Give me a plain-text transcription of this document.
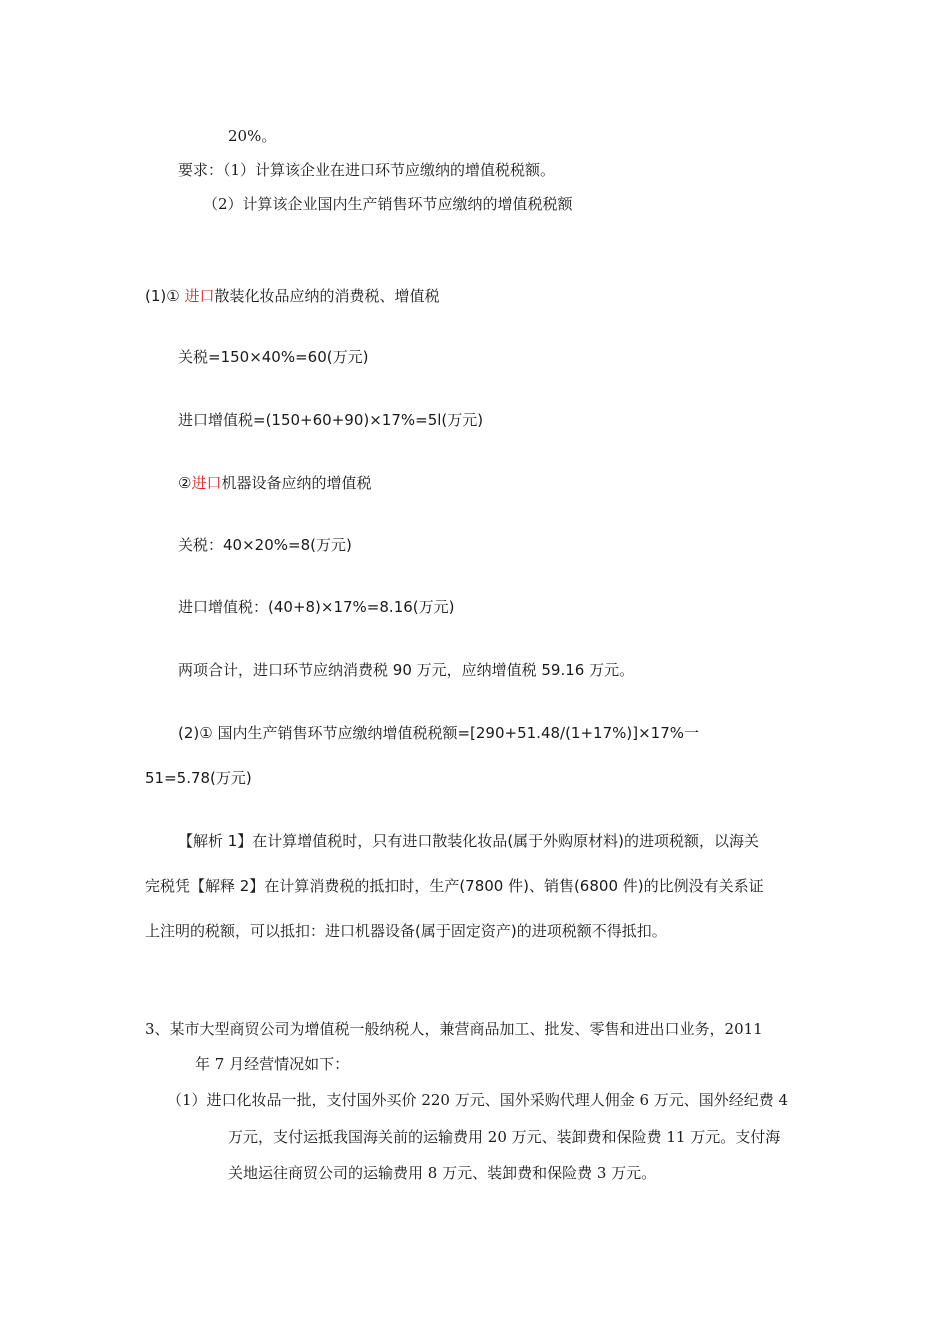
20%。
要求：（1）计算该企业在进口环节应缴纳的增值税税额。
（2）计算该企业国内生产销售环节应缴纳的增值税税额
(1)① 进口散装化妆品应纳的消费税、增值税
关税=150×40%=60(万元)
进口增值税=(150+60+90)×17%=5l(万元)
②进口机器设备应纳的增值税
关税：40×20%=8(万元)
进口增值税：(40+8)×17%=8.16(万元)
两项合计，进口环节应纳消费税 90 万元，应纳增值税 59.16 万元。
(2)① 国内生产销售环节应缴纳增值税税额=[290+51.48/(1+17%)]×17%一
51=5.78(万元)
【解析 1】在计算增值税时，只有进口散装化妆品(属于外购原材料)的进项税额，以海关
完税凭【解释 2】在计算消费税的抵扣时，生产(7800 件)、销售(6800 件)的比例没有关系证
上注明的税额，可以抵扣：进口机器设备(属于固定资产)的进项税额不得抵扣。
3、某市大型商贸公司为增值税一般纳税人，兼营商品加工、批发、零售和进出口业务，2011
年 7 月经营情况如下：
（1）进口化妆品一批，支付国外买价 220 万元、国外采购代理人佣金 6 万元、国外经纪费 4
万元，支付运抵我国海关前的运输费用 20 万元、装卸费和保险费 11 万元。支付海
关地运往商贸公司的运输费用 8 万元、装卸费和保险费 3 万元。
